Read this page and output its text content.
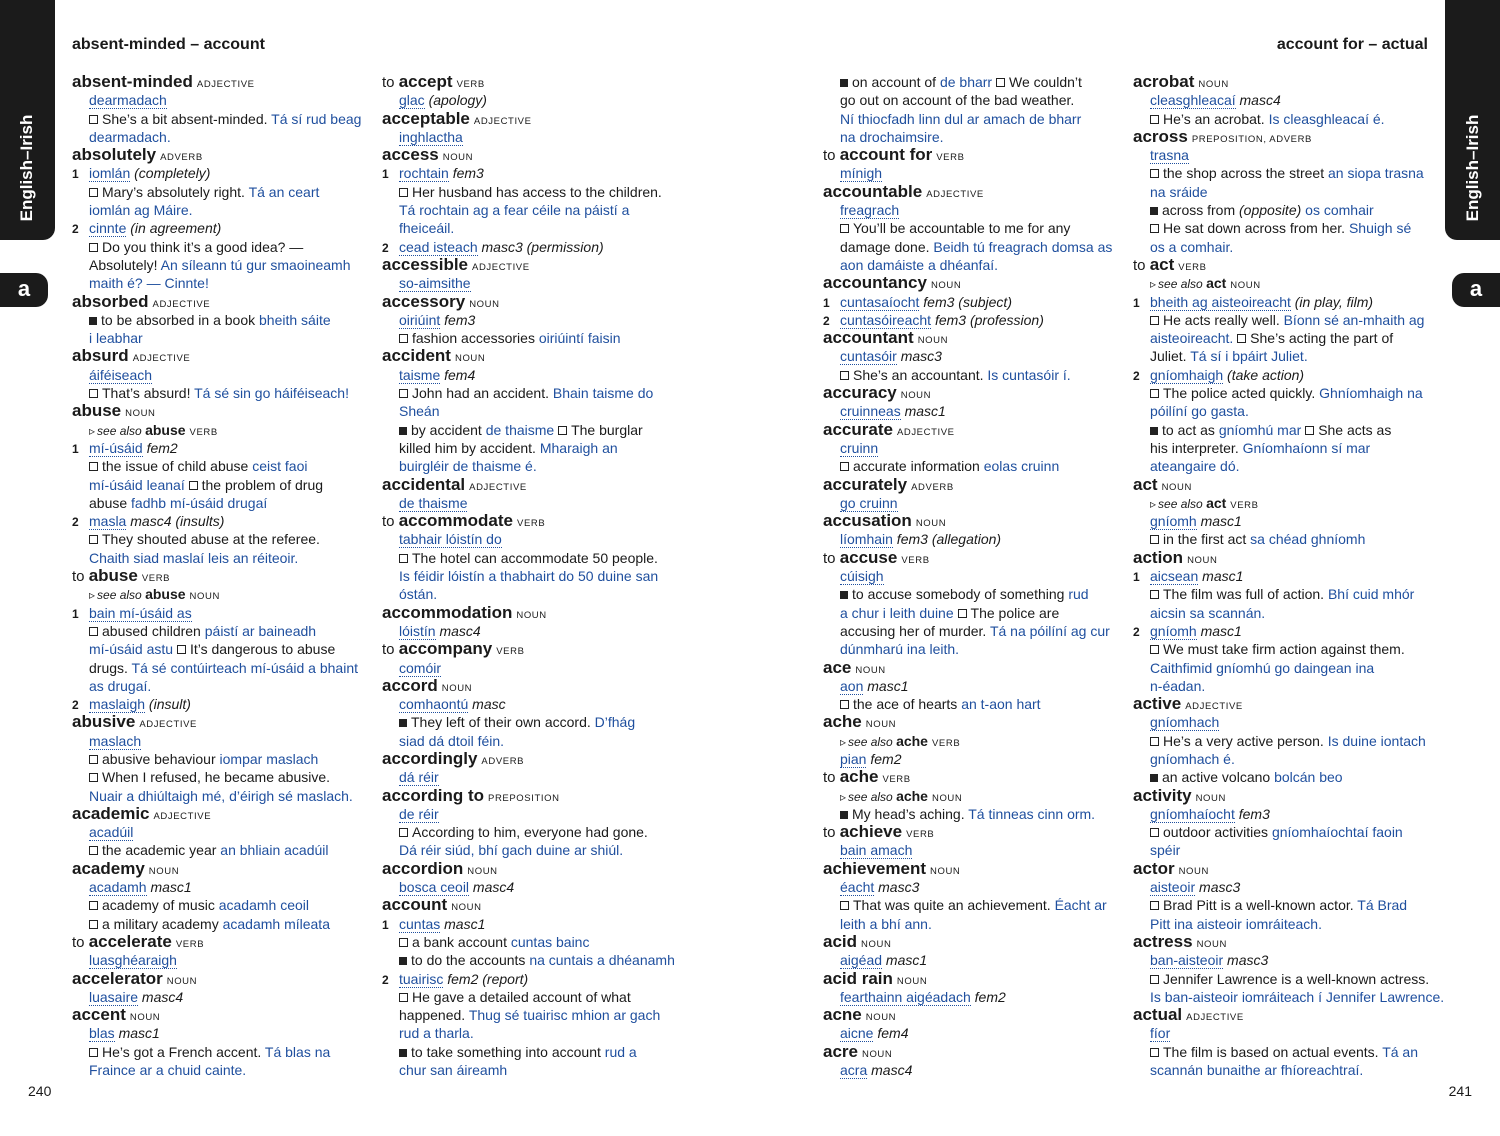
English–Irish	English–Irish
a	a
absent-minded – account	account for – actual
absent-minded ADJECTIVE
dearmadach
She’s a bit absent-minded. Tá sí rud beag
dearmadach.
absolutely ADVERB
1 iomlán (completely)
Mary’s absolutely right. Tá an ceart
iomlán ag Máire.
2 cinnte (in agreement)
Do you think it’s a good idea? —
Absolutely! An síleann tú gur smaoineamh
maith é? — Cinnte!
absorbed ADJECTIVE
to be absorbed in a book bheith sáite
i leabhar
absurd ADJECTIVE
áiféiseach
That’s absurd! Tá sé sin go háiféiseach!
abuse NOUN
▹ see also abuse VERB
1 mí-úsáid fem2
the issue of child abuse ceist faoi
mí-úsáid leanaí the problem of drug
abuse fadhb mí-úsáid drugaí
2 masla masc4 (insults)
They shouted abuse at the referee.
Chaith siad maslaí leis an réiteoir.
to abuse VERB
▹ see also abuse NOUN
1 bain mí-úsáid as
abused children páistí ar baineadh
mí-úsáid astu It’s dangerous to abuse
drugs. Tá sé contúirteach mí-úsáid a bhaint
as drugaí.
2 maslaigh (insult)
abusive ADJECTIVE
maslach
abusive behaviour iompar maslach
When I refused, he became abusive.
Nuair a dhiúltaigh mé, d’éirigh sé maslach.
academic ADJECTIVE
acadúil
the academic year an bhliain acadúil
academy NOUN
acadamh masc1
academy of music acadamh ceoil
a military academy acadamh míleata
to accelerate VERB
luasghéaraigh
accelerator NOUN
luasaire masc4
accent NOUN
blas masc1
He’s got a French accent. Tá blas na
Fraince ar a chuid cainte.
to accept VERB
glac (apology)
acceptable ADJECTIVE
inghlactha
access NOUN
1 rochtain fem3
Her husband has access to the children.
Tá rochtain ag a fear céile na páistí a
fheiceáil.
2 cead isteach masc3 (permission)
accessible ADJECTIVE
so-aimsithe
accessory NOUN
oiriúint fem3
fashion accessories oiriúintí faisin
accident NOUN
taisme fem4
John had an accident. Bhain taisme do
Sheán
by accident de thaisme The burglar
killed him by accident. Mharaigh an
buirgléir de thaisme é.
accidental ADJECTIVE
de thaisme
to accommodate VERB
tabhair lóistín do
The hotel can accommodate 50 people.
Is féidir lóistín a thabhairt do 50 duine san
óstán.
accommodation NOUN
lóistín masc4
to accompany VERB
comóir
accord NOUN
comhaontú masc
They left of their own accord. D’fhág
siad dá dtoil féin.
accordingly ADVERB
dá réir
according to PREPOSITION
de réir
According to him, everyone had gone.
Dá réir siúd, bhí gach duine ar shiúl.
accordion NOUN
bosca ceoil masc4
account NOUN
1 cuntas masc1
a bank account cuntas bainc
to do the accounts na cuntais a dhéanamh
2 tuairisc fem2 (report)
He gave a detailed account of what
happened. Thug sé tuairisc mhion ar gach
rud a tharla.
to take something into account rud a
chur san áireamh
on account of de bharr We couldn’t
go out on account of the bad weather.
Ní thiocfadh linn dul ar amach de bharr
na drochaimsire.
to account for VERB
mínigh
accountable ADJECTIVE
freagrach
You’ll be accountable to me for any
damage done. Beidh tú freagrach domsa as
aon damáiste a dhéanfaí.
accountancy NOUN
1 cuntasaíocht fem3 (subject)
2 cuntasóireacht fem3 (profession)
accountant NOUN
cuntasóir masc3
She’s an accountant. Is cuntasóir í.
accuracy NOUN
cruinneas masc1
accurate ADJECTIVE
cruinn
accurate information eolas cruinn
accurately ADVERB
go cruinn
accusation NOUN
líomhain fem3 (allegation)
to accuse VERB
cúisigh
to accuse somebody of something rud
a chur i leith duine The police are
accusing her of murder. Tá na póilíní ag cur
dúnmharú ina leith.
ace NOUN
aon masc1
the ace of hearts an t-aon hart
ache NOUN
▹ see also ache VERB
pian fem2
to ache VERB
▹ see also ache NOUN
My head’s aching. Tá tinneas cinn orm.
to achieve VERB
bain amach
achievement NOUN
éacht masc3
That was quite an achievement. Éacht ar
leith a bhí ann.
acid NOUN
aigéad masc1
acid rain NOUN
fearthainn aigéadach fem2
acne NOUN
aicne fem4
acre NOUN
acra masc4
acrobat NOUN
cleasghleacaí masc4
He’s an acrobat. Is cleasghleacaí é.
across PREPOSITION, ADVERB
trasna
the shop across the street an siopa trasna
na sráide
across from (opposite) os comhair
He sat down across from her. Shuigh sé
os a comhair.
to act VERB
▹ see also act NOUN
1 bheith ag aisteoireacht (in play, film)
He acts really well. Bíonn sé an-mhaith ag
aisteoireacht. She’s acting the part of
Juliet. Tá sí i bpáirt Juliet.
2 gníomhaigh (take action)
The police acted quickly. Ghníomhaigh na
póilíní go gasta.
to act as gníomhú mar She acts as
his interpreter. Gníomhaíonn sí mar
ateangaire dó.
act NOUN
▹ see also act VERB
gníomh masc1
in the first act sa chéad ghníomh
action NOUN
1 aicsean masc1
The film was full of action. Bhí cuid mhór
aicsin sa scannán.
2 gníomh masc1
We must take firm action against them.
Caithfimid gníomhú go daingean ina
n-éadan.
active ADJECTIVE
gníomhach
He’s a very active person. Is duine iontach
gníomhach é.
an active volcano bolcán beo
activity NOUN
gníomhaíocht fem3
outdoor activities gníomhaíochtaí faoin
spéir
actor NOUN
aisteoir masc3
Brad Pitt is a well-known actor. Tá Brad
Pitt ina aisteoir iomráiteach.
actress NOUN
ban-aisteoir masc3
Jennifer Lawrence is a well-known actress.
Is ban-aisteoir iomráiteach í Jennifer Lawrence.
actual ADJECTIVE
fíor
The film is based on actual events. Tá an
scannán bunaithe ar fhíoreachtraí.
240	241
